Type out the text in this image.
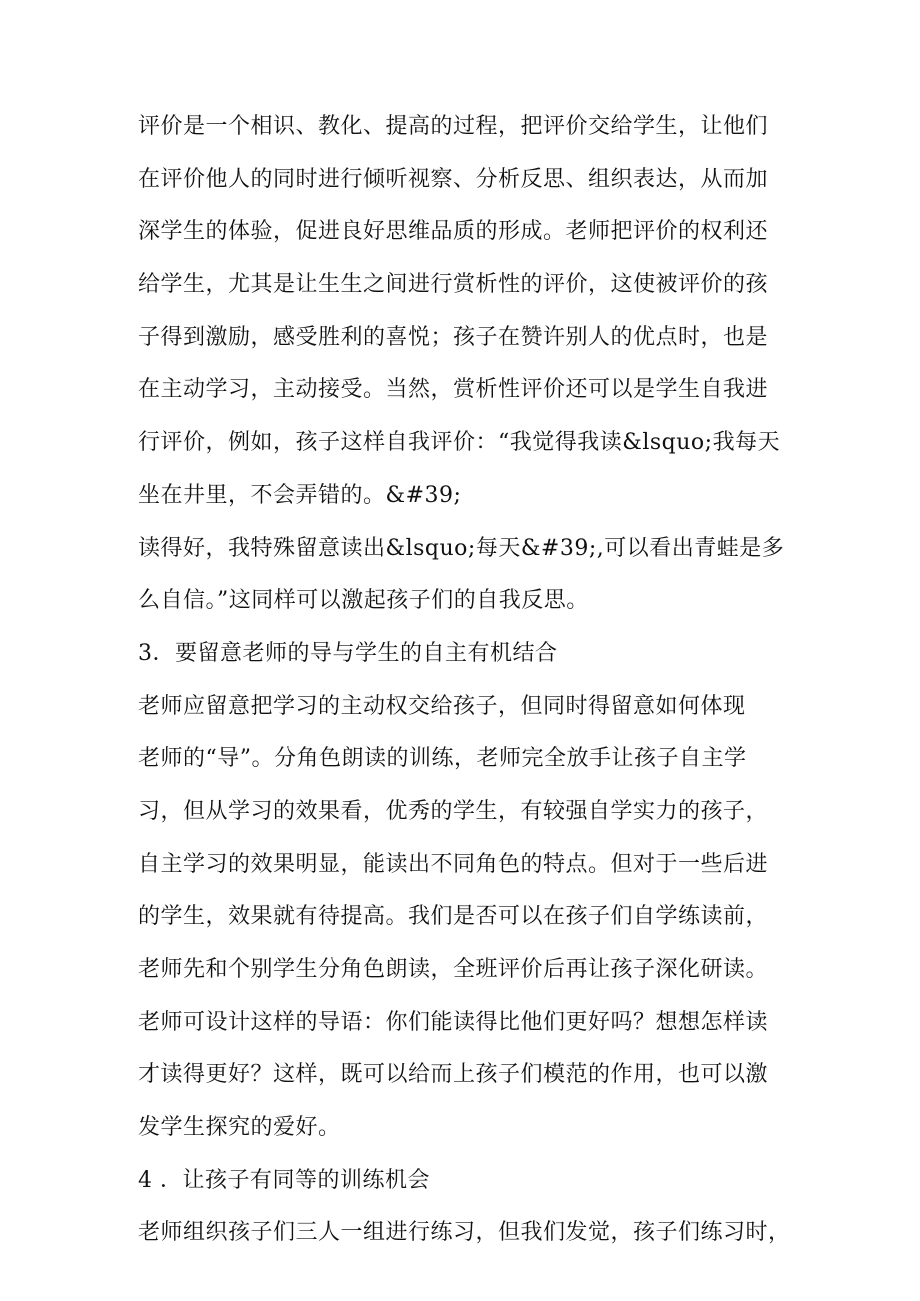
评价是一个相识、教化、提高的过程，把评价交给学生，让他们
在评价他人的同时进行倾听视察、分析反思、组织表达，从而加
深学生的体验，促进良好思维品质的形成。老师把评价的权利还
给学生，尤其是让生生之间进行赏析性的评价，这使被评价的孩
子得到激励，感受胜利的喜悦；孩子在赞许别人的优点时，也是
在主动学习，主动接受。当然，赏析性评价还可以是学生自我进
行评价，例如，孩子这样自我评价：“我觉得我读&lsquo;我每天
坐在井里，不会弄错的。&#39;
读得好，我特殊留意读出&lsquo;每天&#39;,可以看出青蛙是多
么自信。”这同样可以激起孩子们的自我反思。
3．要留意老师的导与学生的自主有机结合
老师应留意把学习的主动权交给孩子，但同时得留意如何体现
老师的“导”。分角色朗读的训练，老师完全放手让孩子自主学
习，但从学习的效果看，优秀的学生，有较强自学实力的孩子，
自主学习的效果明显，能读出不同角色的特点。但对于一些后进
的学生，效果就有待提高。我们是否可以在孩子们自学练读前，
老师先和个别学生分角色朗读，全班评价后再让孩子深化研读。
老师可设计这样的导语：你们能读得比他们更好吗？想想怎样读
才读得更好？这样，既可以给而上孩子们模范的作用，也可以激
发学生探究的爱好。
4 ．让孩子有同等的训练机会
老师组织孩子们三人一组进行练习，但我们发觉，孩子们练习时，
